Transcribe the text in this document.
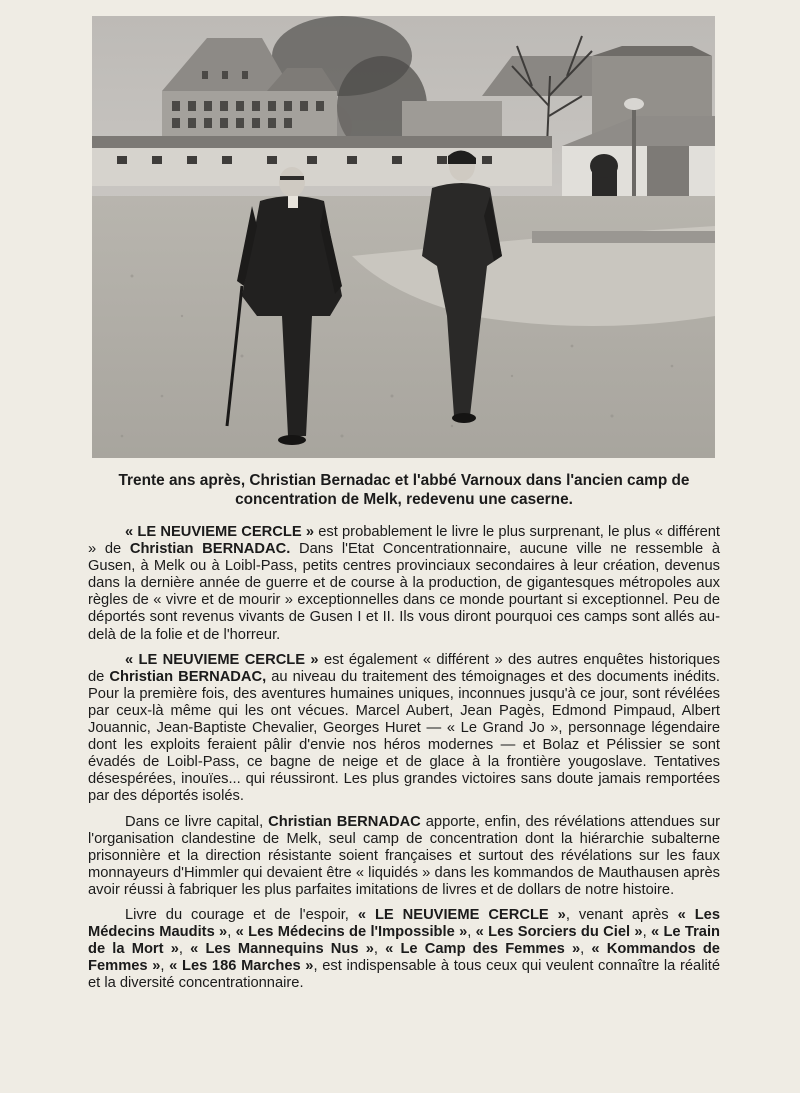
Trente ans après, Christian Bernadac et l'abbé Varnoux dans l'ancien camp de concentration de Melk, redevenu une caserne.

« LE NEUVIEME CERCLE » est probablement le livre le plus surprenant, le plus « différent » de Christian BERNADAC. Dans l'Etat Concentrationnaire, aucune ville ne ressemble à Gusen, à Melk ou à Loibl-Pass, petits centres provinciaux secondaires à leur création, devenus dans la dernière année de guerre et de course à la production, de gigantesques métropoles aux règles de « vivre et de mourir » exceptionnelles dans ce monde pourtant si exceptionnel. Peu de déportés sont revenus vivants de Gusen I et II. Ils vous diront pourquoi ces camps sont allés au-delà de la folie et de l'horreur.

« LE NEUVIEME CERCLE » est également « différent » des autres enquêtes historiques de Christian BERNADAC, au niveau du traitement des témoignages et des documents inédits. Pour la première fois, des aventures humaines uniques, inconnues jusqu'à ce jour, sont révélées par ceux-là même qui les ont vécues. Marcel Aubert, Jean Pagès, Edmond Pimpaud, Albert Jouannic, Jean-Baptiste Chevalier, Georges Huret — « Le Grand Jo », personnage légendaire dont les exploits feraient pâlir d'envie nos héros modernes — et Bolaz et Pélissier se sont évadés de Loibl-Pass, ce bagne de neige et de glace à la frontière yougoslave. Tentatives désespérées, inouïes... qui réussiront. Les plus grandes victoires sans doute jamais remportées par des déportés isolés.

Dans ce livre capital, Christian BERNADAC apporte, enfin, des révélations attendues sur l'organisation clandestine de Melk, seul camp de concentration dont la hiérarchie subalterne prisonnière et la direction résistante soient françaises et surtout des révélations sur les faux monnayeurs d'Himmler qui devaient être « liquidés » dans les kommandos de Mauthausen après avoir réussi à fabriquer les plus parfaites imitations de livres et de dollars de notre histoire.

Livre du courage et de l'espoir, « LE NEUVIEME CERCLE », venant après « Les Médecins Maudits », « Les Médecins de l'Impossible », « Les Sorciers du Ciel », « Le Train de la Mort », « Les Mannequins Nus », « Le Camp des Femmes », « Kommandos de Femmes », « Les 186 Marches », est indispensable à tous ceux qui veulent connaître la réalité et la diversité concentrationnaire.
